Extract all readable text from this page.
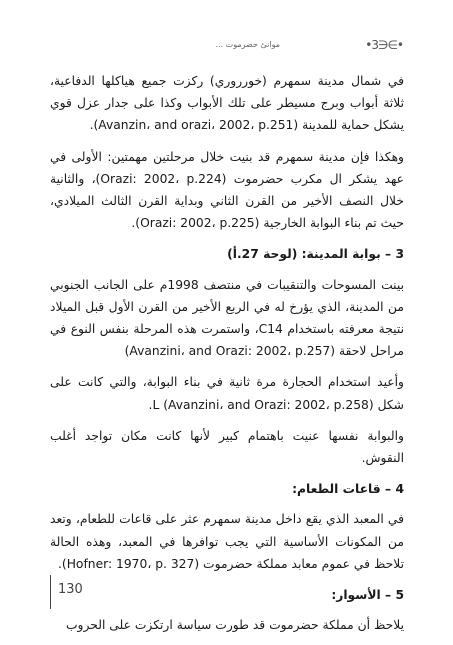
موانئ حضرموت ...	•3∋∈•

في شمال مدينة سمهرم (خورروري) ركزت جميع هياكلها الدفاعية، ثلاثة أبواب وبرج مسيطر على تلك الأبواب وكذا على جدار عزل قوي يشكل حماية للمدينة (Avanzin، and orazi، 2002، p.251).

وهكذا فإن مدينة سمهرم قد بنيت خلال مرحلتين مهمتين: الأولى في عهد يشكر ال مكرب حضرموت (Orazi: 2002، p.224)، والثانية خلال النصف الأخير من القرن الثاني وبداية القرن الثالث الميلادي، حيث تم بناء البوابة الخارجية (Orazi: 2002، p.225).

3 – بوابة المدينة: (لوحة 27.أ)

بينت المسوحات والتنقيبات في منتصف 1998م على الجانب الجنوبي من المدينة، الذي يؤرخ له في الربع الأخير من القرن الأول قبل الميلاد نتيجة معرفته باستخدام C14، واستمرت هذه المرحلة بنفس النوع في مراحل لاحقة (Avanzini، and Orazi: 2002، p.257)

وأعيد استخدام الحجارة مرة ثانية في بناء البوابة، والتي كانت على شكل L (Avanzini، and Orazi: 2002، p.258).

والبوابة نفسها عنيت باهتمام كبير لأنها كانت مكان تواجد أغلب النقوش.

4 – قاعات الطعام:

في المعبد الذي يقع داخل مدينة سمهرم عثر على قاعات للطعام، وتعد من المكونات الأساسية التي يجب توافرها في المعبد، وهذه الحالة تلاحظ في عموم معابد مملكة حضرموت (Hofner: 1970، p. 327).

5 – الأسوار:

يلاحظ أن مملكة حضرموت قد طورت سياسة ارتكزت على الحروب

130
